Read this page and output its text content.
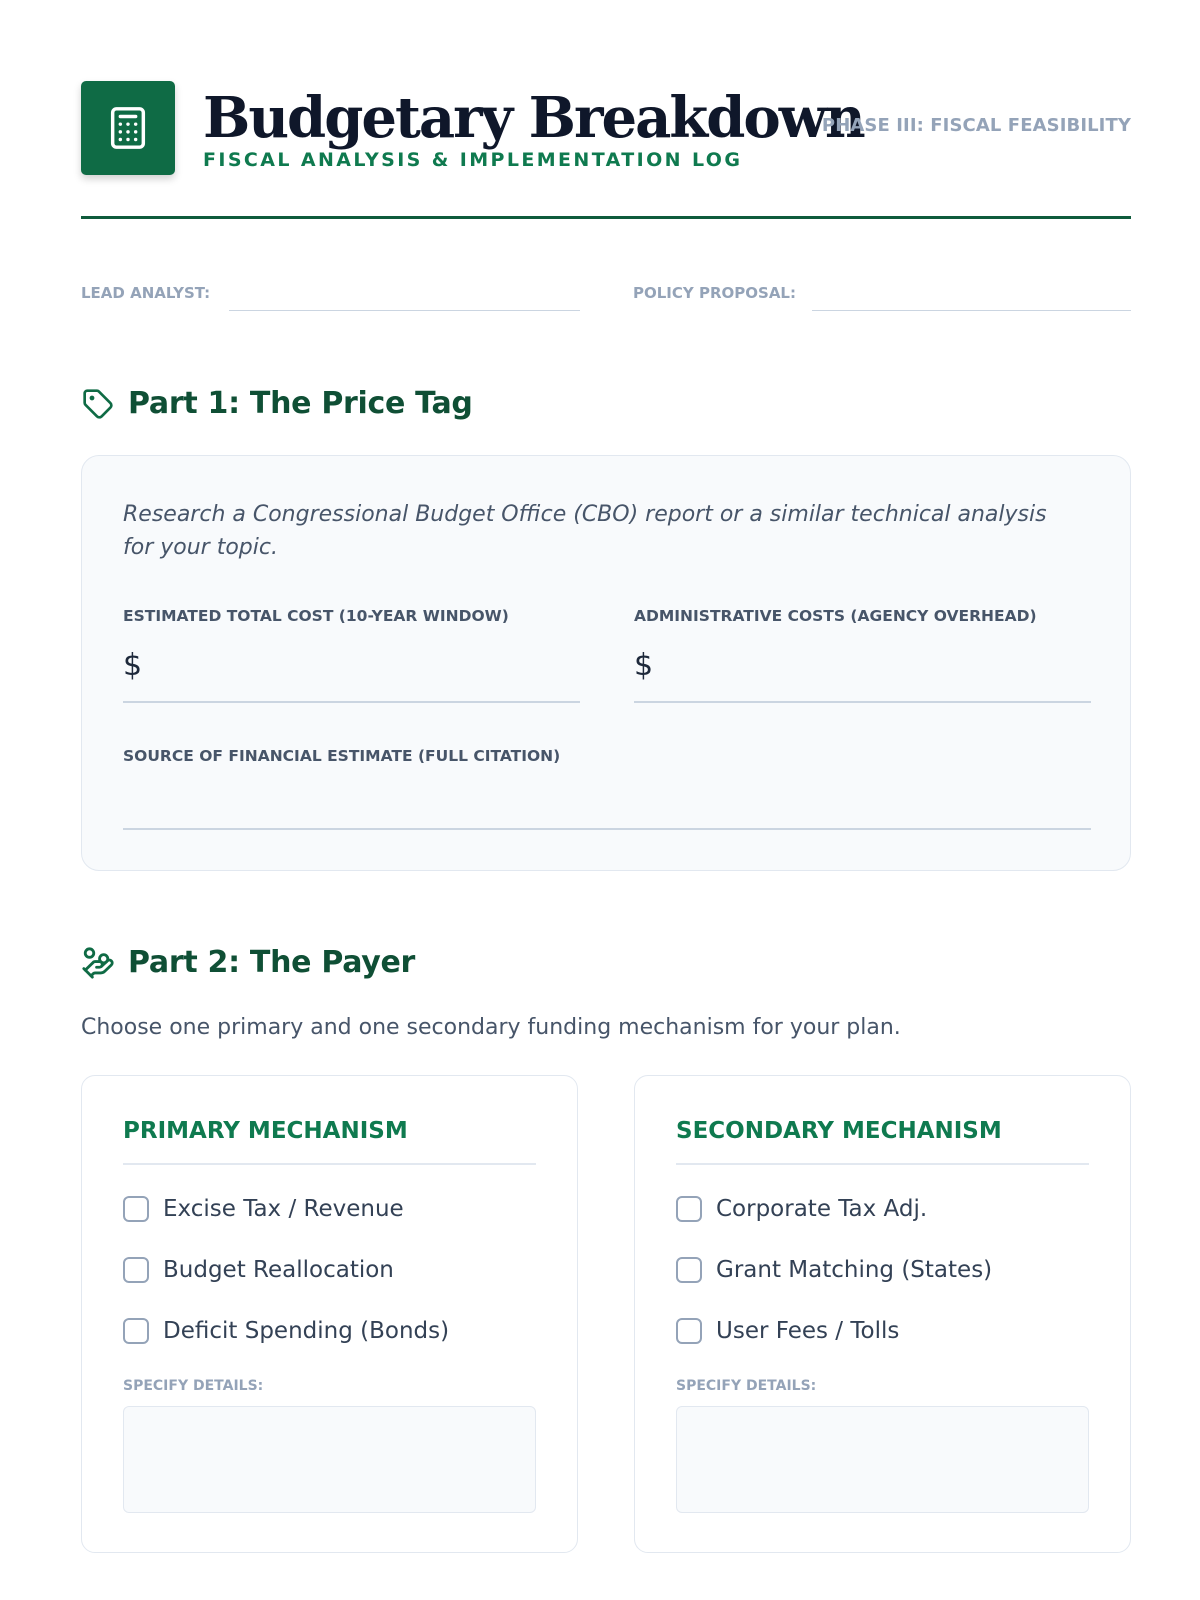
Budgetary Breakdown
FISCAL ANALYSIS & IMPLEMENTATION LOG
PHASE III: FISCAL FEASIBILITY
LEAD ANALYST:	POLICY PROPOSAL:
Part 1: The Price Tag
Research a Congressional Budget Office (CBO) report or a similar technical analysis for your topic.
ESTIMATED TOTAL COST (10-YEAR WINDOW)
$
ADMINISTRATIVE COSTS (AGENCY OVERHEAD)
$
SOURCE OF FINANCIAL ESTIMATE (FULL CITATION)
Part 2: The Payer
Choose one primary and one secondary funding mechanism for your plan.
PRIMARY MECHANISM
Excise Tax / Revenue
Budget Reallocation
Deficit Spending (Bonds)
SPECIFY DETAILS:
SECONDARY MECHANISM
Corporate Tax Adj.
Grant Matching (States)
User Fees / Tolls
SPECIFY DETAILS:
